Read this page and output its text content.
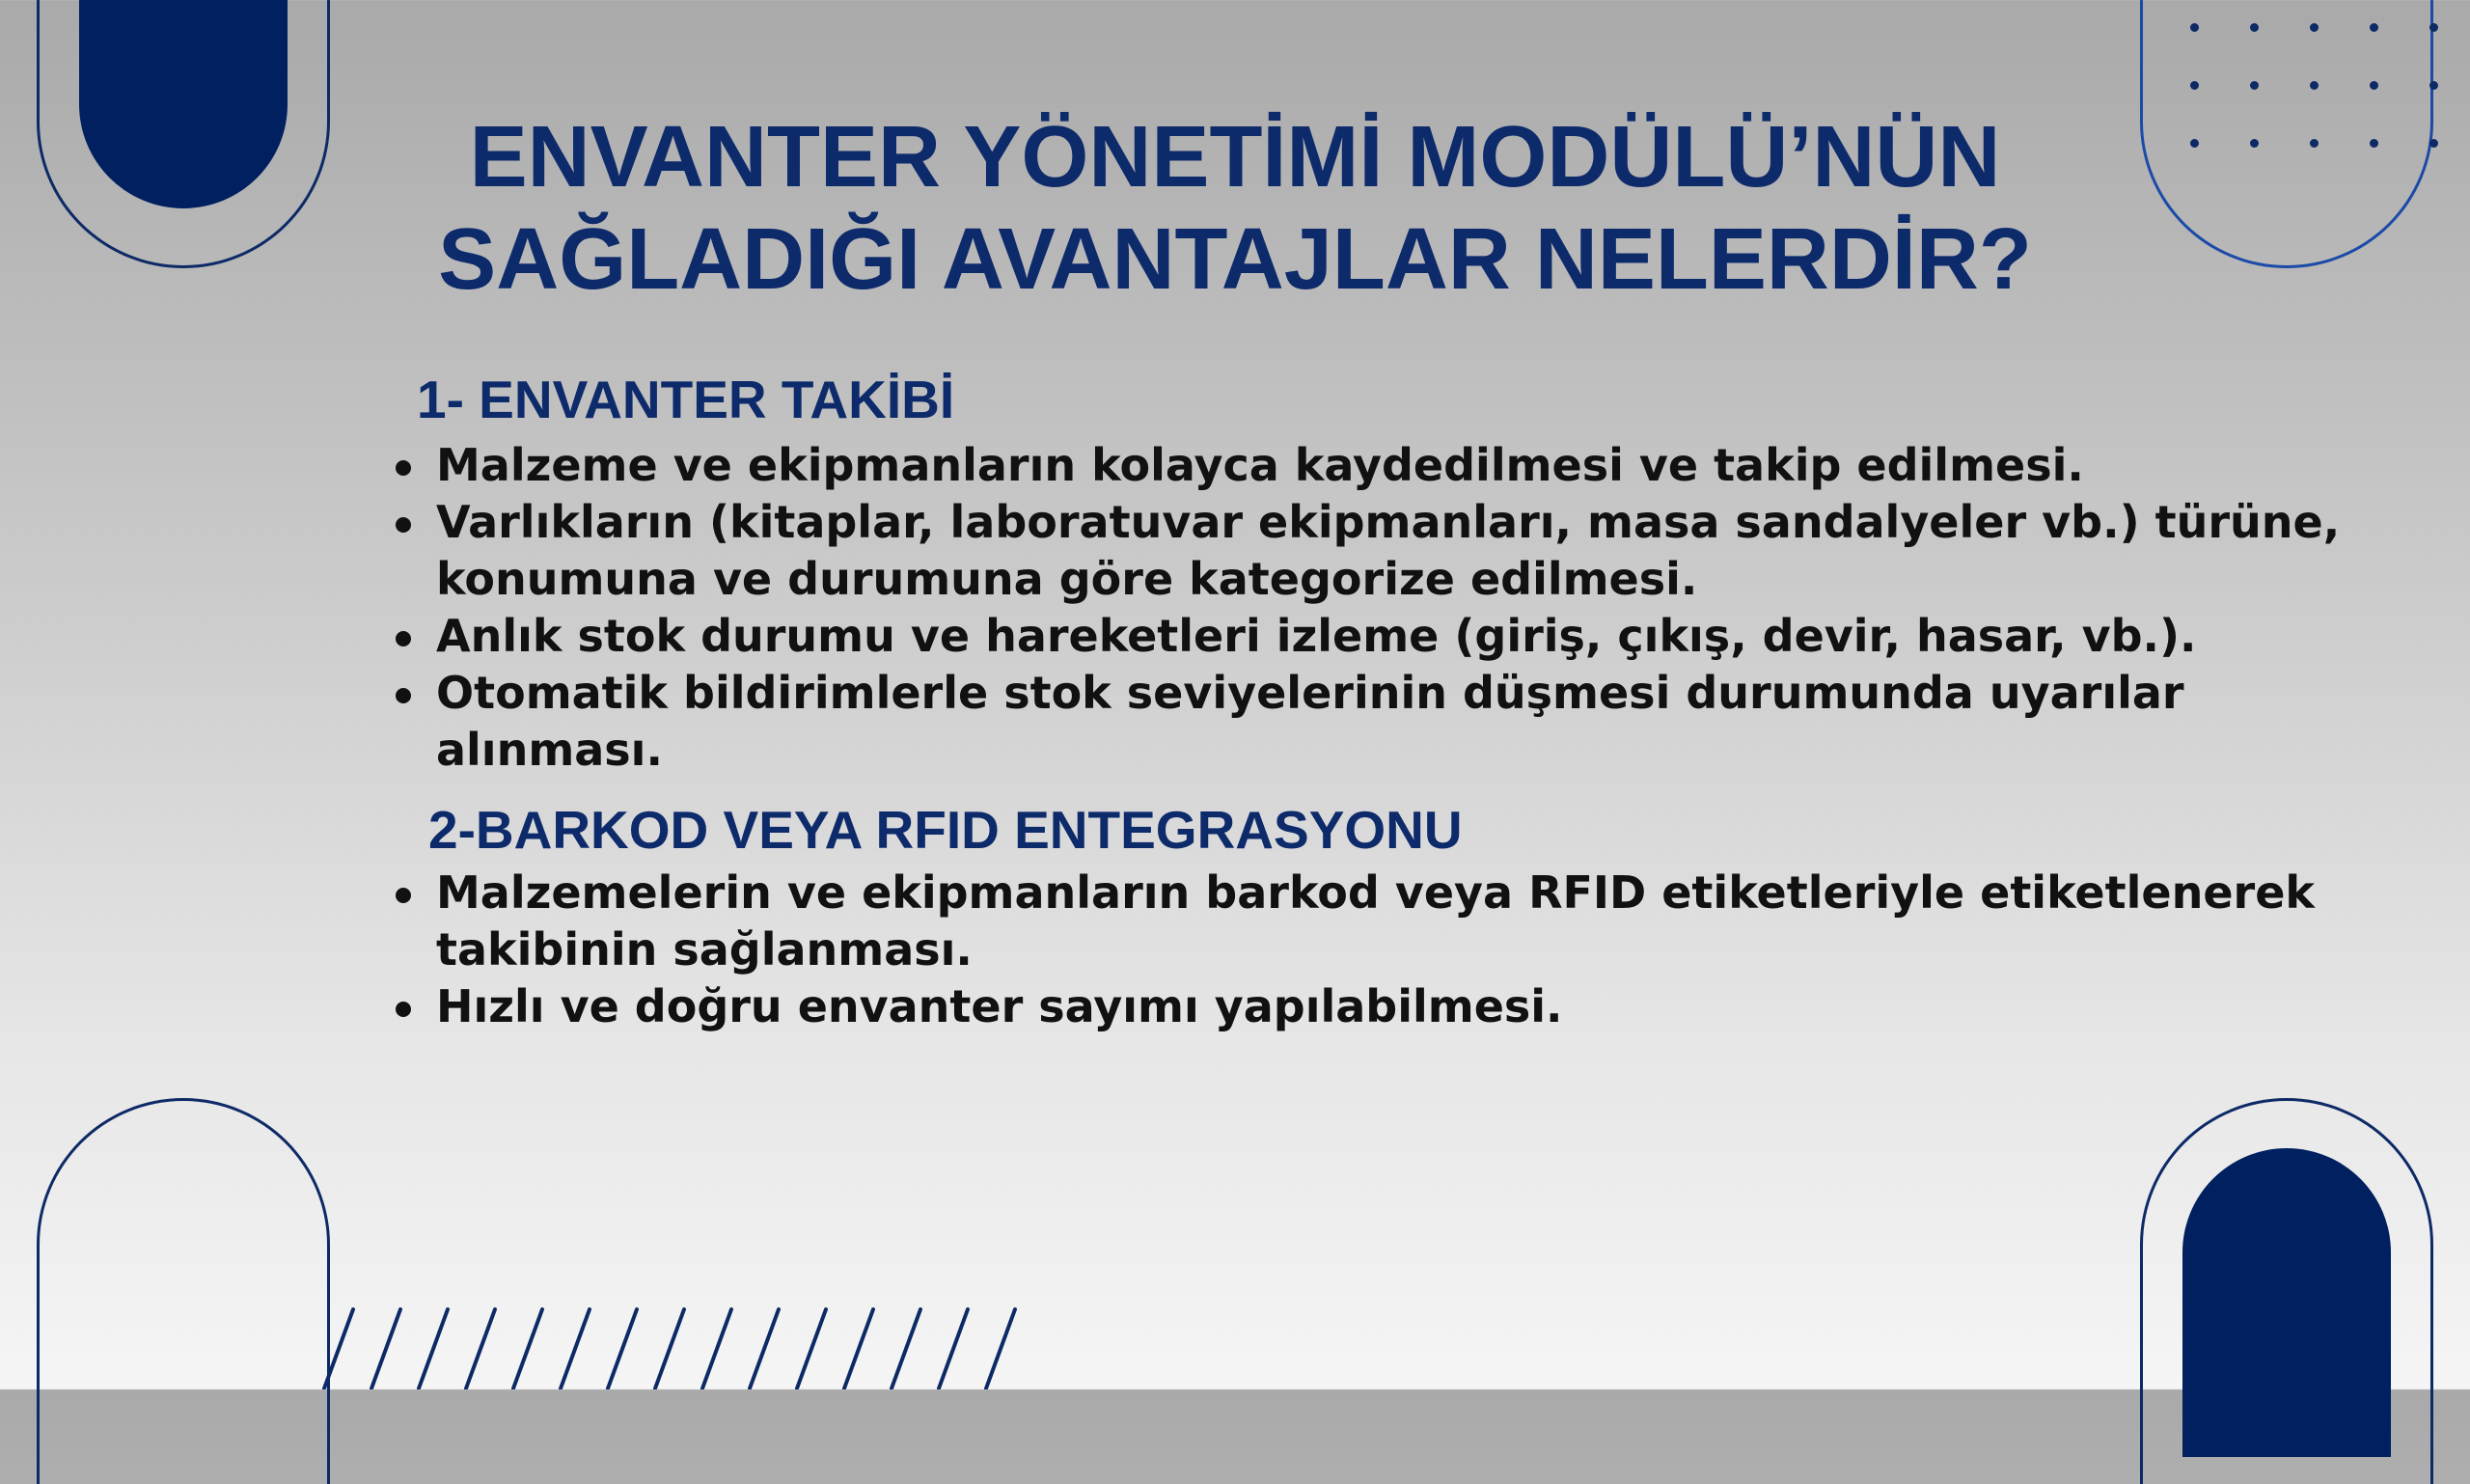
ENVANTER YÖNETİMİ MODÜLÜ’NÜN
SAĞLADIĞI AVANTAJLAR NELERDİR?
1- ENVANTER TAKİBİ
Malzeme ve ekipmanların kolayca kaydedilmesi ve takip edilmesi.
Varlıkların (kitaplar, laboratuvar ekipmanları, masa sandalyeler vb.) türüne, konumuna ve durumuna göre kategorize edilmesi.
Anlık stok durumu ve hareketleri izleme (giriş, çıkış, devir, hasar, vb.).
Otomatik bildirimlerle stok seviyelerinin düşmesi durumunda uyarılar alınması.
2-BARKOD VEYA RFID ENTEGRASYONU
Malzemelerin ve ekipmanların barkod veya RFID etiketleriyle etiketlenerek takibinin sağlanması.
Hızlı ve doğru envanter sayımı yapılabilmesi.
